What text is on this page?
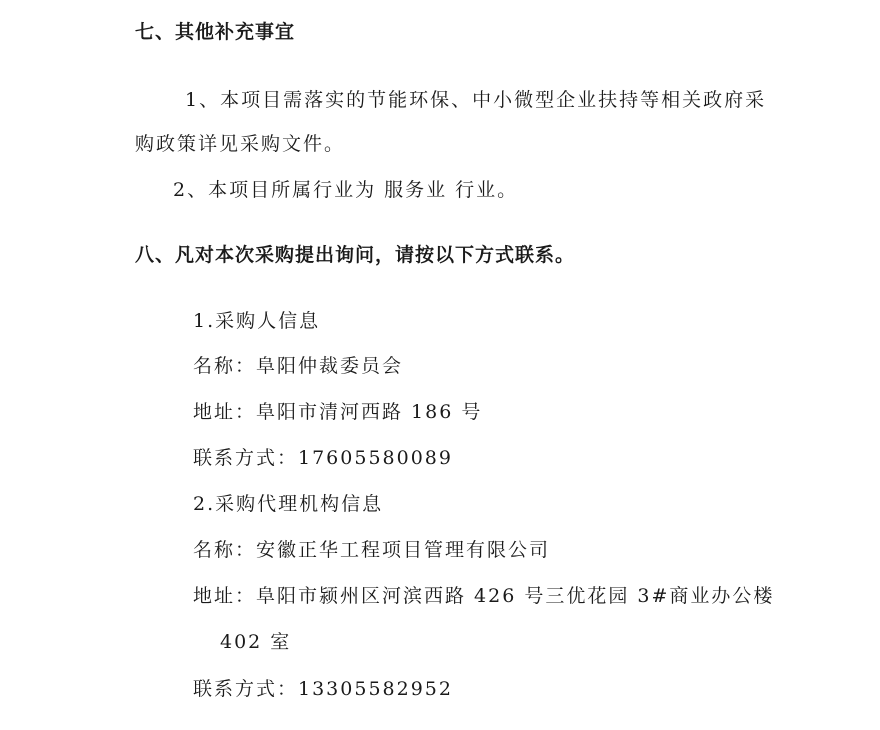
七、其他补充事宜
1、本项目需落实的节能环保、中小微型企业扶持等相关政府采
购政策详见采购文件。
2、本项目所属行业为 服务业 行业。
八、凡对本次采购提出询问，请按以下方式联系。
1.采购人信息
名称：阜阳仲裁委员会
地址：阜阳市清河西路 186 号
联系方式：17605580089
2.采购代理机构信息
名称：安徽正华工程项目管理有限公司
地址：阜阳市颍州区河滨西路 426 号三优花园 3#商业办公楼
402 室
联系方式：13305582952
